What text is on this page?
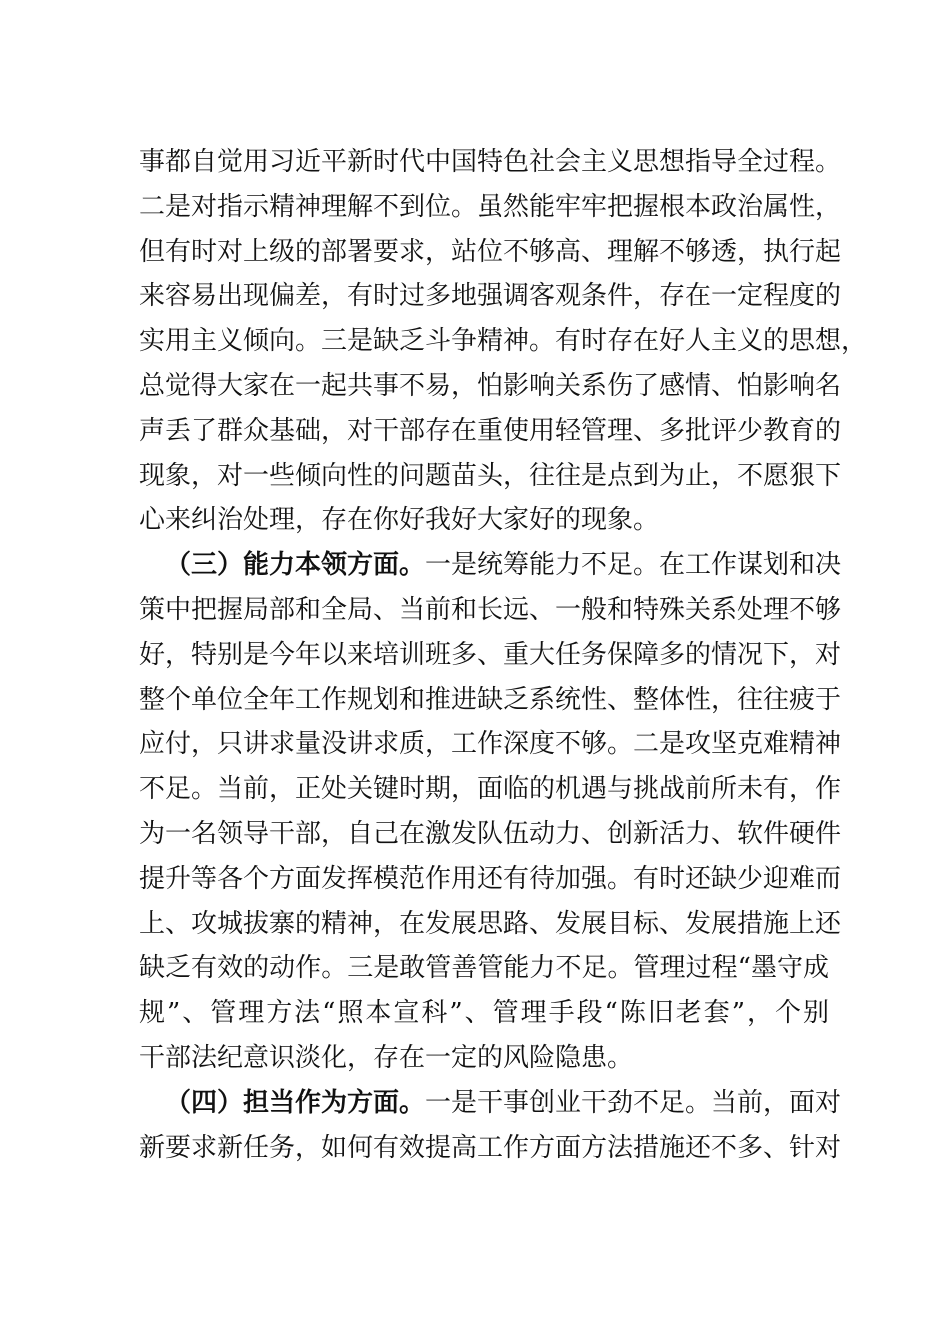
事都自觉用习近平新时代中国特色社会主义思想指导全过程。
二是对指示精神理解不到位。虽然能牢牢把握根本政治属性，
但有时对上级的部署要求，站位不够高、理解不够透，执行起
来容易出现偏差，有时过多地强调客观条件，存在一定程度的
实用主义倾向。三是缺乏斗争精神。有时存在好人主义的思想，
总觉得大家在一起共事不易，怕影响关系伤了感情、怕影响名
声丢了群众基础，对干部存在重使用轻管理、多批评少教育的
现象，对一些倾向性的问题苗头，往往是点到为止，不愿狠下
心来纠治处理，存在你好我好大家好的现象。
（三）能力本领方面。一是统筹能力不足。在工作谋划和决
策中把握局部和全局、当前和长远、一般和特殊关系处理不够
好，特别是今年以来培训班多、重大任务保障多的情况下，对
整个单位全年工作规划和推进缺乏系统性、整体性，往往疲于
应付，只讲求量没讲求质，工作深度不够。二是攻坚克难精神
不足。当前，正处关键时期，面临的机遇与挑战前所未有，作
为一名领导干部，自己在激发队伍动力、创新活力、软件硬件
提升等各个方面发挥模范作用还有待加强。有时还缺少迎难而
上、攻城拔寨的精神，在发展思路、发展目标、发展措施上还
缺乏有效的动作。三是敢管善管能力不足。管理过程“墨守成
规”、管理方法“照本宣科”、管理手段“陈旧老套”，个别
干部法纪意识淡化，存在一定的风险隐患。
（四）担当作为方面。一是干事创业干劲不足。当前，面对
新要求新任务，如何有效提高工作方面方法措施还不多、针对
